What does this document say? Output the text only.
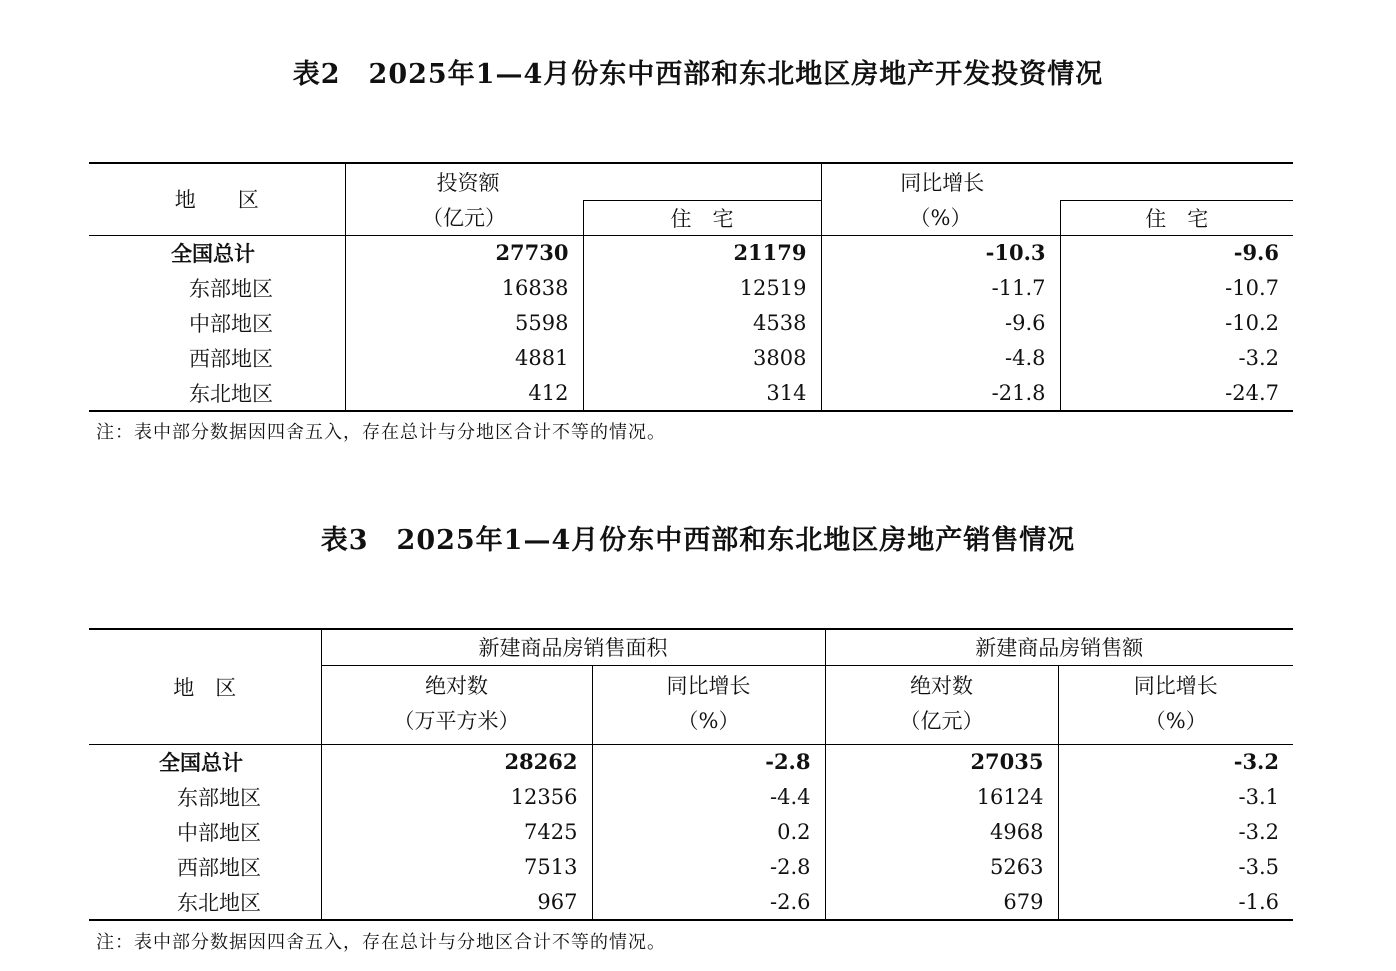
表2 2025年1—4月份东中西部和东北地区房地产开发投资情况
地　　区	投资额		同比增长	
	（亿元）	住　宅	（%）	住　宅
全国总计	27730	21179	-10.3	-9.6
东部地区	16838	12519	-11.7	-10.7
中部地区	5598	4538	-9.6	-10.2
西部地区	4881	3808	-4.8	-3.2
东北地区	412	314	-21.8	-24.7
注：表中部分数据因四舍五入，存在总计与分地区合计不等的情况。
表3 2025年1—4月份东中西部和东北地区房地产销售情况
地　区	新建商品房销售面积		新建商品房销售额	
	绝对数	同比增长	绝对数	同比增长
	（万平方米）	（%）	（亿元）	（%）
全国总计	28262	-2.8	27035	-3.2
东部地区	12356	-4.4	16124	-3.1
中部地区	7425	0.2	4968	-3.2
西部地区	7513	-2.8	5263	-3.5
东北地区	967	-2.6	679	-1.6
注：表中部分数据因四舍五入，存在总计与分地区合计不等的情况。
